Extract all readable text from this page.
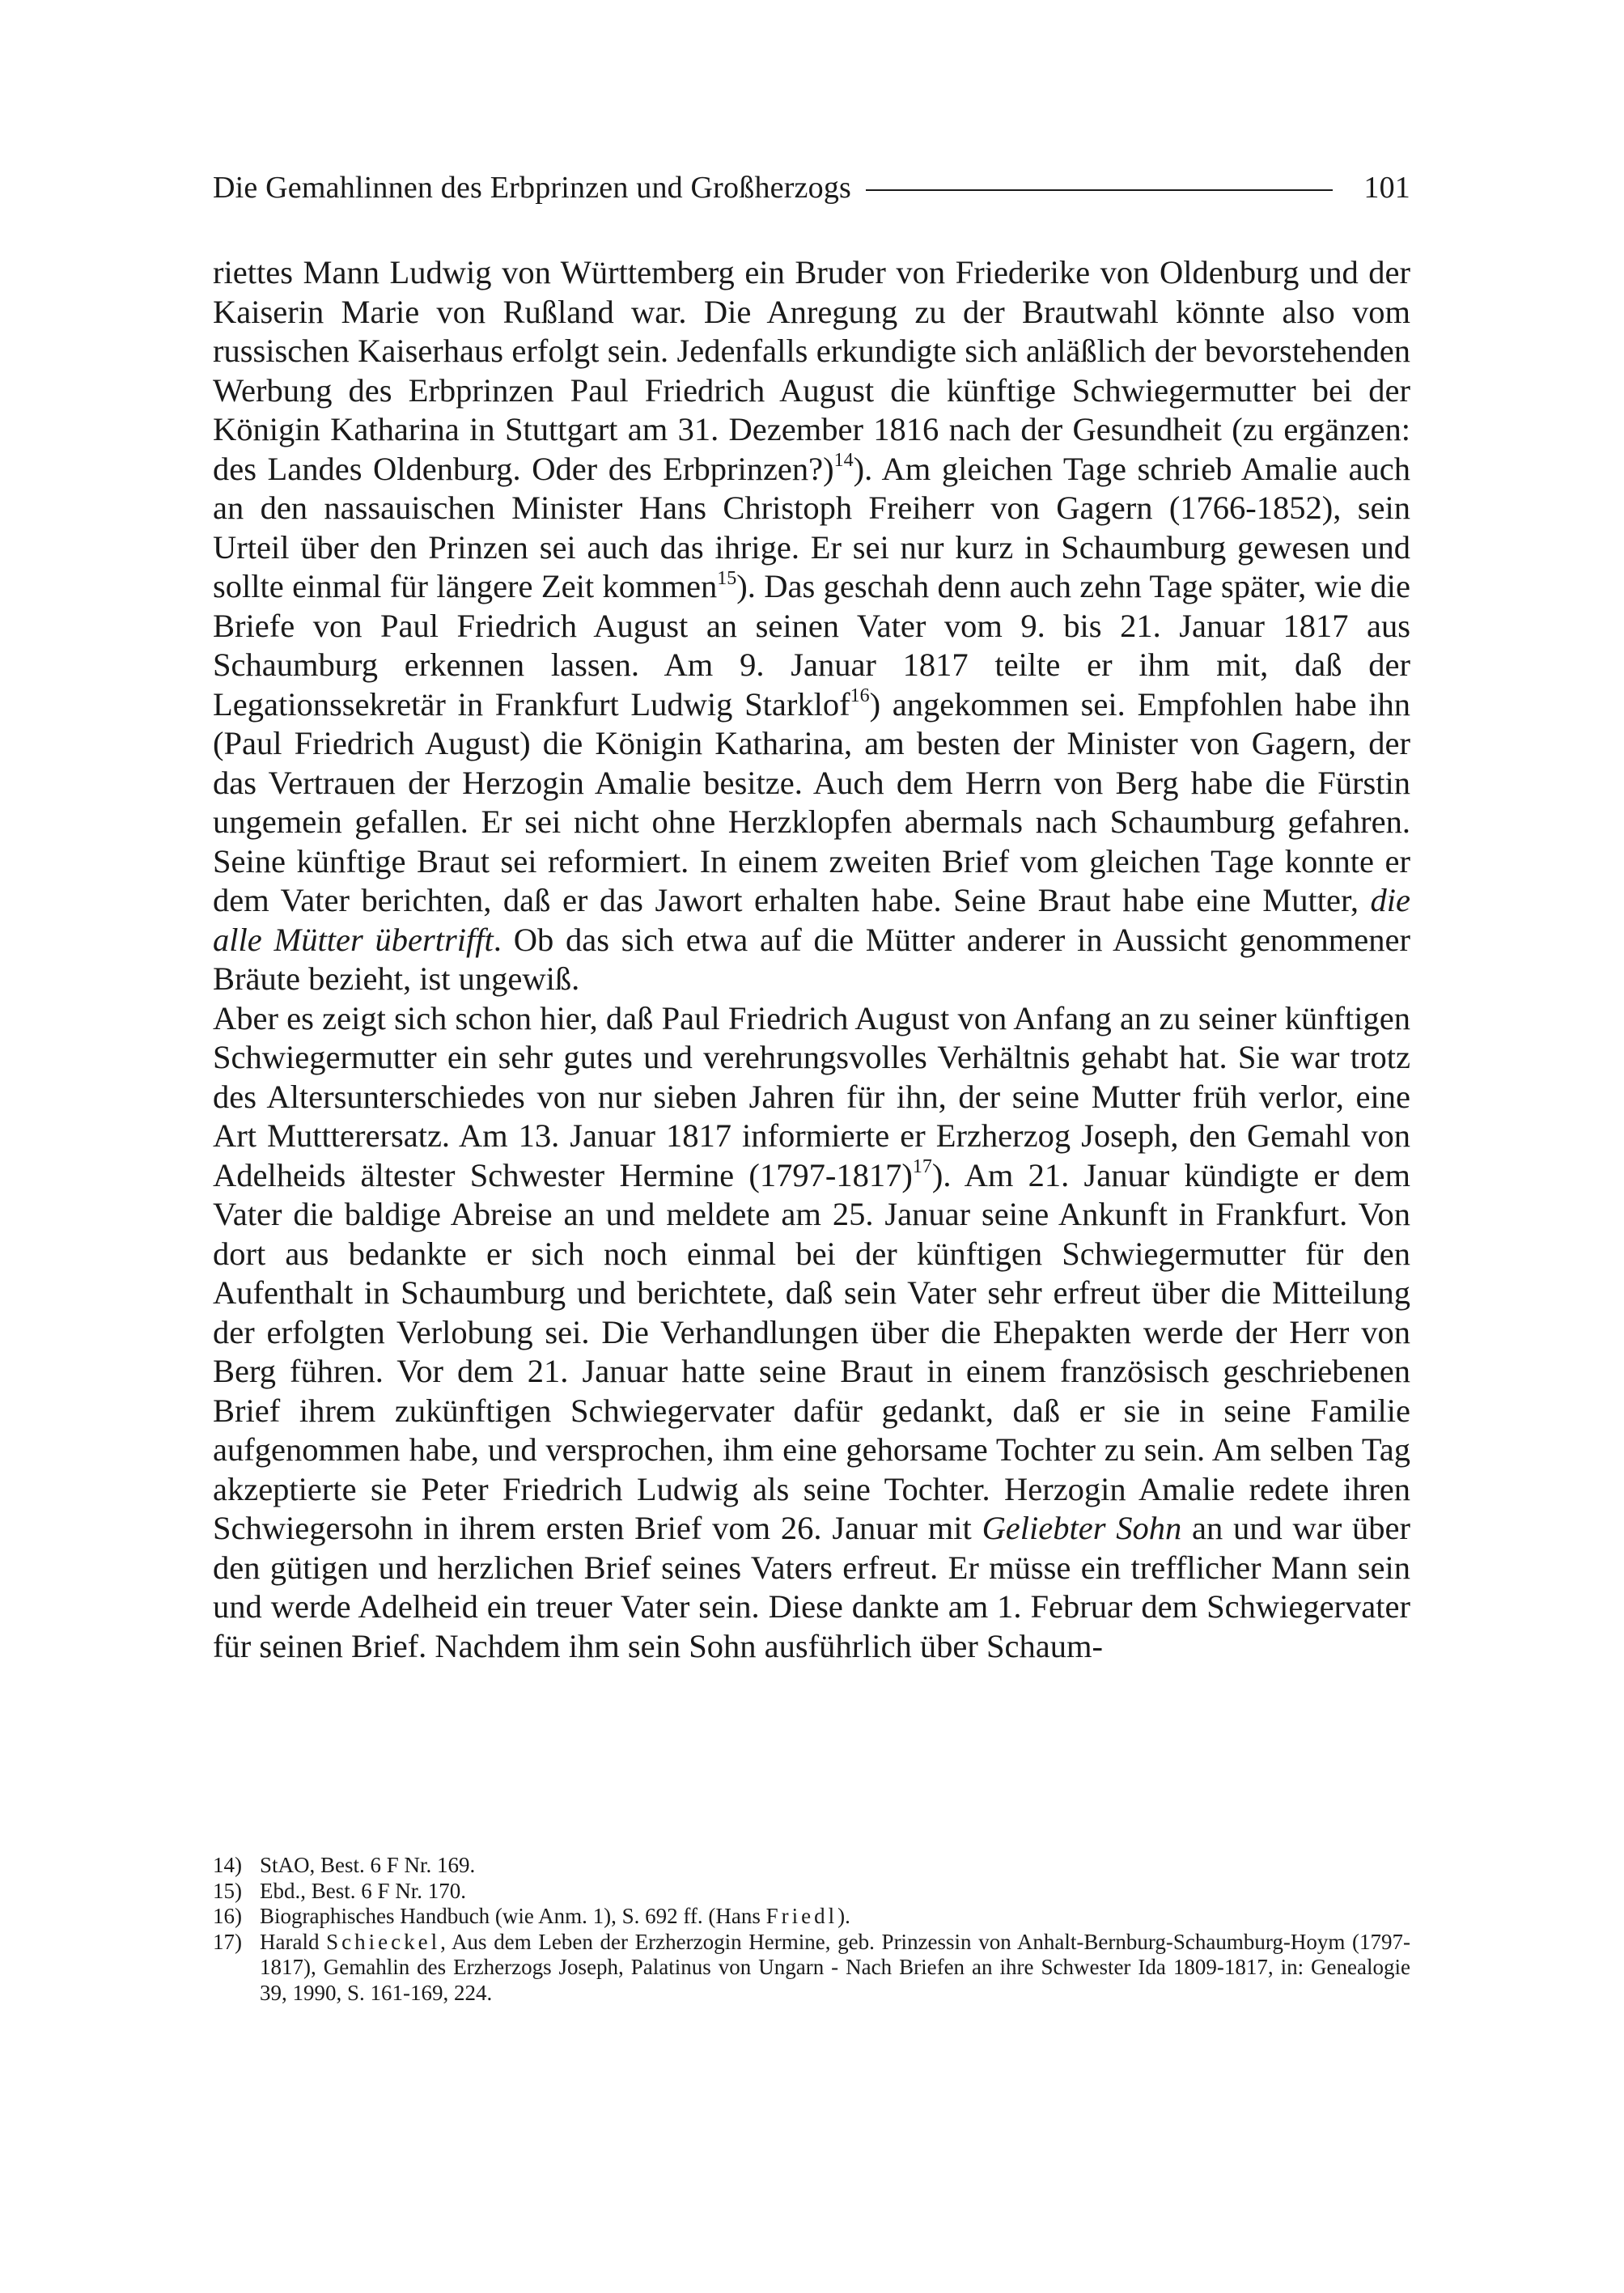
Die Gemahlinnen des Erbprinzen und Großherzogs	101

riettes Mann Ludwig von Württemberg ein Bruder von Friederike von Oldenburg und der Kaiserin Marie von Rußland war. Die Anregung zu der Brautwahl könnte also vom russischen Kaiserhaus erfolgt sein. Jedenfalls erkundigte sich anläßlich der bevorstehenden Werbung des Erbprinzen Paul Friedrich August die künftige Schwiegermutter bei der Königin Katharina in Stuttgart am 31. Dezember 1816 nach der Gesundheit (zu ergänzen: des Landes Oldenburg. Oder des Erbprinzen?)$^{14}$). Am gleichen Tage schrieb Amalie auch an den nassauischen Minister Hans Christoph Freiherr von Gagern (1766-1852), sein Urteil über den Prinzen sei auch das ihrige. Er sei nur kurz in Schaumburg gewesen und sollte einmal für längere Zeit kommen$^{15}$). Das geschah denn auch zehn Tage später, wie die Briefe von Paul Friedrich August an seinen Vater vom 9. bis 21. Januar 1817 aus Schaumburg erkennen lassen. Am 9. Januar 1817 teilte er ihm mit, daß der Legationssekretär in Frankfurt Ludwig Starklof$^{16}$) angekommen sei. Empfohlen habe ihn (Paul Friedrich August) die Königin Katharina, am besten der Minister von Gagern, der das Vertrauen der Herzogin Amalie besitze. Auch dem Herrn von Berg habe die Fürstin ungemein gefallen. Er sei nicht ohne Herzklopfen abermals nach Schaumburg gefahren. Seine künftige Braut sei reformiert. In einem zweiten Brief vom gleichen Tage konnte er dem Vater berichten, daß er das Jawort erhalten habe. Seine Braut habe eine Mutter, die alle Mütter übertrifft. Ob das sich etwa auf die Mütter anderer in Aussicht genommener Bräute bezieht, ist ungewiß.

Aber es zeigt sich schon hier, daß Paul Friedrich August von Anfang an zu seiner künftigen Schwiegermutter ein sehr gutes und verehrungsvolles Verhältnis gehabt hat. Sie war trotz des Altersunterschiedes von nur sieben Jahren für ihn, der seine Mutter früh verlor, eine Art Muttterersatz. Am 13. Januar 1817 informierte er Erzherzog Joseph, den Gemahl von Adelheids ältester Schwester Hermine (1797-1817)$^{17}$). Am 21. Januar kündigte er dem Vater die baldige Abreise an und meldete am 25. Januar seine Ankunft in Frankfurt. Von dort aus bedankte er sich noch einmal bei der künftigen Schwiegermutter für den Aufenthalt in Schaumburg und berichtete, daß sein Vater sehr erfreut über die Mitteilung der erfolgten Verlobung sei. Die Verhandlungen über die Ehepakten werde der Herr von Berg führen. Vor dem 21. Januar hatte seine Braut in einem französisch geschriebenen Brief ihrem zukünftigen Schwiegervater dafür gedankt, daß er sie in seine Familie aufgenommen habe, und versprochen, ihm eine gehorsame Tochter zu sein. Am selben Tag akzeptierte sie Peter Friedrich Ludwig als seine Tochter. Herzogin Amalie redete ihren Schwiegersohn in ihrem ersten Brief vom 26. Januar mit Geliebter Sohn an und war über den gütigen und herzlichen Brief seines Vaters erfreut. Er müsse ein trefflicher Mann sein und werde Adelheid ein treuer Vater sein. Diese dankte am 1. Februar dem Schwiegervater für seinen Brief. Nachdem ihm sein Sohn ausführlich über Schaum-

14) StAO, Best. 6 F Nr. 169.
15) Ebd., Best. 6 F Nr. 170.
16) Biographisches Handbuch (wie Anm. 1), S. 692 ff. (Hans Friedl).
17) Harald Schieckel, Aus dem Leben der Erzherzogin Hermine, geb. Prinzessin von Anhalt-Bernburg-Schaumburg-Hoym (1797-1817), Gemahlin des Erzherzogs Joseph, Palatinus von Ungarn - Nach Briefen an ihre Schwester Ida 1809-1817, in: Genealogie 39, 1990, S. 161-169, 224.
